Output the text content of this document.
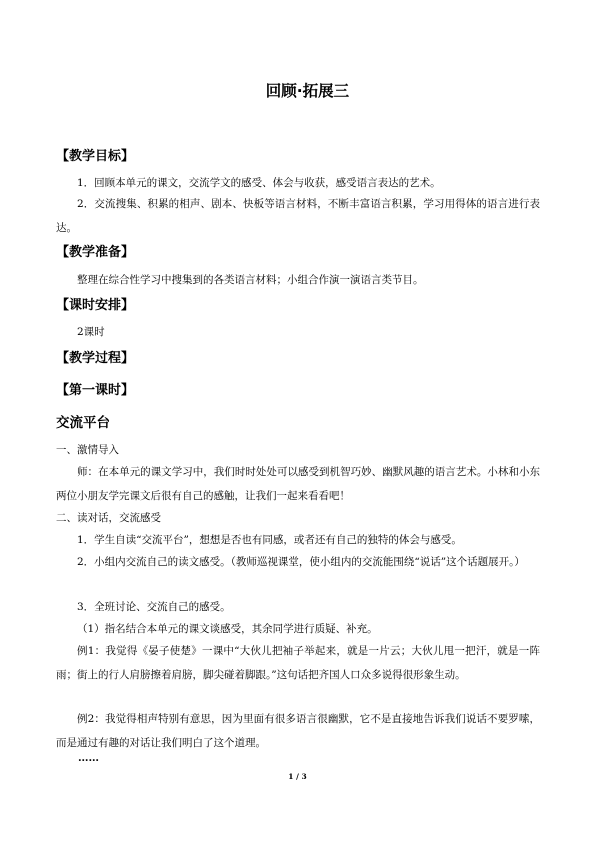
回顾·拓展三
【教学目标】
1．回顾本单元的课文，交流学文的感受、体会与收获，感受语言表达的艺术。
2．交流搜集、积累的相声、剧本、快板等语言材料，不断丰富语言积累，学习用得体的语言进行表达。
【教学准备】
整理在综合性学习中搜集到的各类语言材料；小组合作演一演语言类节目。
【课时安排】
2课时
【教学过程】
【第一课时】
交流平台
一、激情导入
师：在本单元的课文学习中，我们时时处处可以感受到机智巧妙、幽默风趣的语言艺术。小林和小东两位小朋友学完课文后很有自己的感触，让我们一起来看看吧！
二、读对话，交流感受
1．学生自读“交流平台”，想想是否也有同感，或者还有自己的独特的体会与感受。
2．小组内交流自己的读文感受。（教师巡视课堂，使小组内的交流能围绕“说话”这个话题展开。）
3．全班讨论、交流自己的感受。
（1）指名结合本单元的课文谈感受，其余同学进行质疑、补充。
例1：我觉得《晏子使楚》一课中“大伙儿把袖子举起来，就是一片云；大伙儿甩一把汗，就是一阵雨；街上的行人肩膀擦着肩膀，脚尖碰着脚跟。”这句话把齐国人口众多说得很形象生动。
例2：我觉得相声特别有意思，因为里面有很多语言很幽默，它不是直接地告诉我们说话不要罗嗦，而是通过有趣的对话让我们明白了这个道理。
……
1 / 3
